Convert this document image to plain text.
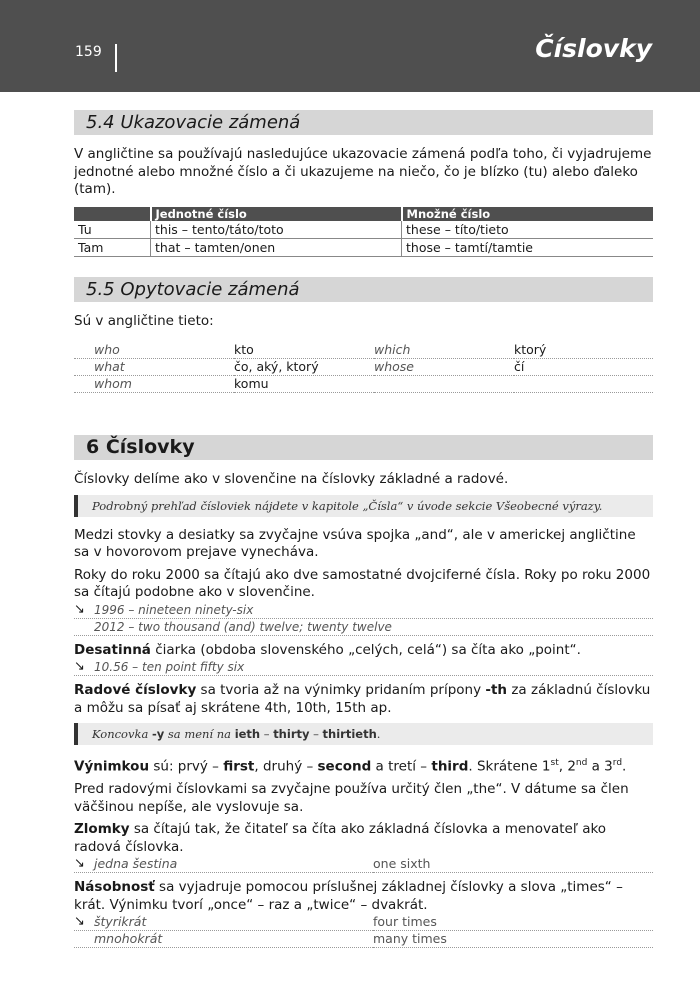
159	Číslovky
5.4 Ukazovacie zámená

V angličtine sa používajú nasledujúce ukazovacie zámená podľa toho, či vyjadrujeme jednotné alebo množné číslo a či ukazujeme na niečo, čo je blízko (tu) alebo ďaleko (tam).

	Jednotné číslo	Množné číslo
Tu	this – tento/táto/toto	these – títo/tieto
Tam	that – tamten/onen	those – tamtí/tamtie
5.5 Opytovacie zámená

Sú v angličtine tieto:

who	kto	which	ktorý
what	čo, aký, ktorý	whose	čí
whom	komu
6 Číslovky

Číslovky delíme ako v slovenčine na číslovky základné a radové.

Podrobný prehľad čísloviek nájdete v kapitole „Čísla“ v úvode sekcie Všeobecné výrazy.

Medzi stovky a desiatky sa zvyčajne vsúva spojka „and“, ale v americkej angličtine sa v hovorovom prejave vynecháva.

Roky do roku 2000 sa čítajú ako dve samostatné dvojciferné čísla. Roky po roku 2000 sa čítajú podobne ako v slovenčine.

↘ 1996 – nineteen ninety-six
2012 – two thousand (and) twelve; twenty twelve

Desatinná čiarka (obdoba slovenského „celých, celá“) sa číta ako „point“.

↘ 10.56 – ten point fifty six

Radové číslovky sa tvoria až na výnimky pridaním prípony -th za základnú číslovku a môžu sa písať aj skrátene 4th, 10th, 15th ap.

Koncovka -y sa mení na ieth – thirty – thirtieth.

Výnimkou sú: prvý – first, druhý – second a tretí – third. Skrátene 1st, 2nd a 3rd.

Pred radovými číslovkami sa zvyčajne používa určitý člen „the“. V dátume sa člen väčšinou nepíše, ale vyslovuje sa.

Zlomky sa čítajú tak, že čitateľ sa číta ako základná číslovka a menovateľ ako radová číslovka.

↘ jedna šestina	one sixth

Násobnosť sa vyjadruje pomocou príslušnej základnej číslovky a slova „times“ – krát. Výnimku tvorí „once“ – raz a „twice“ – dvakrát.

↘ štyrikrát	four times
mnohokrát	many times
